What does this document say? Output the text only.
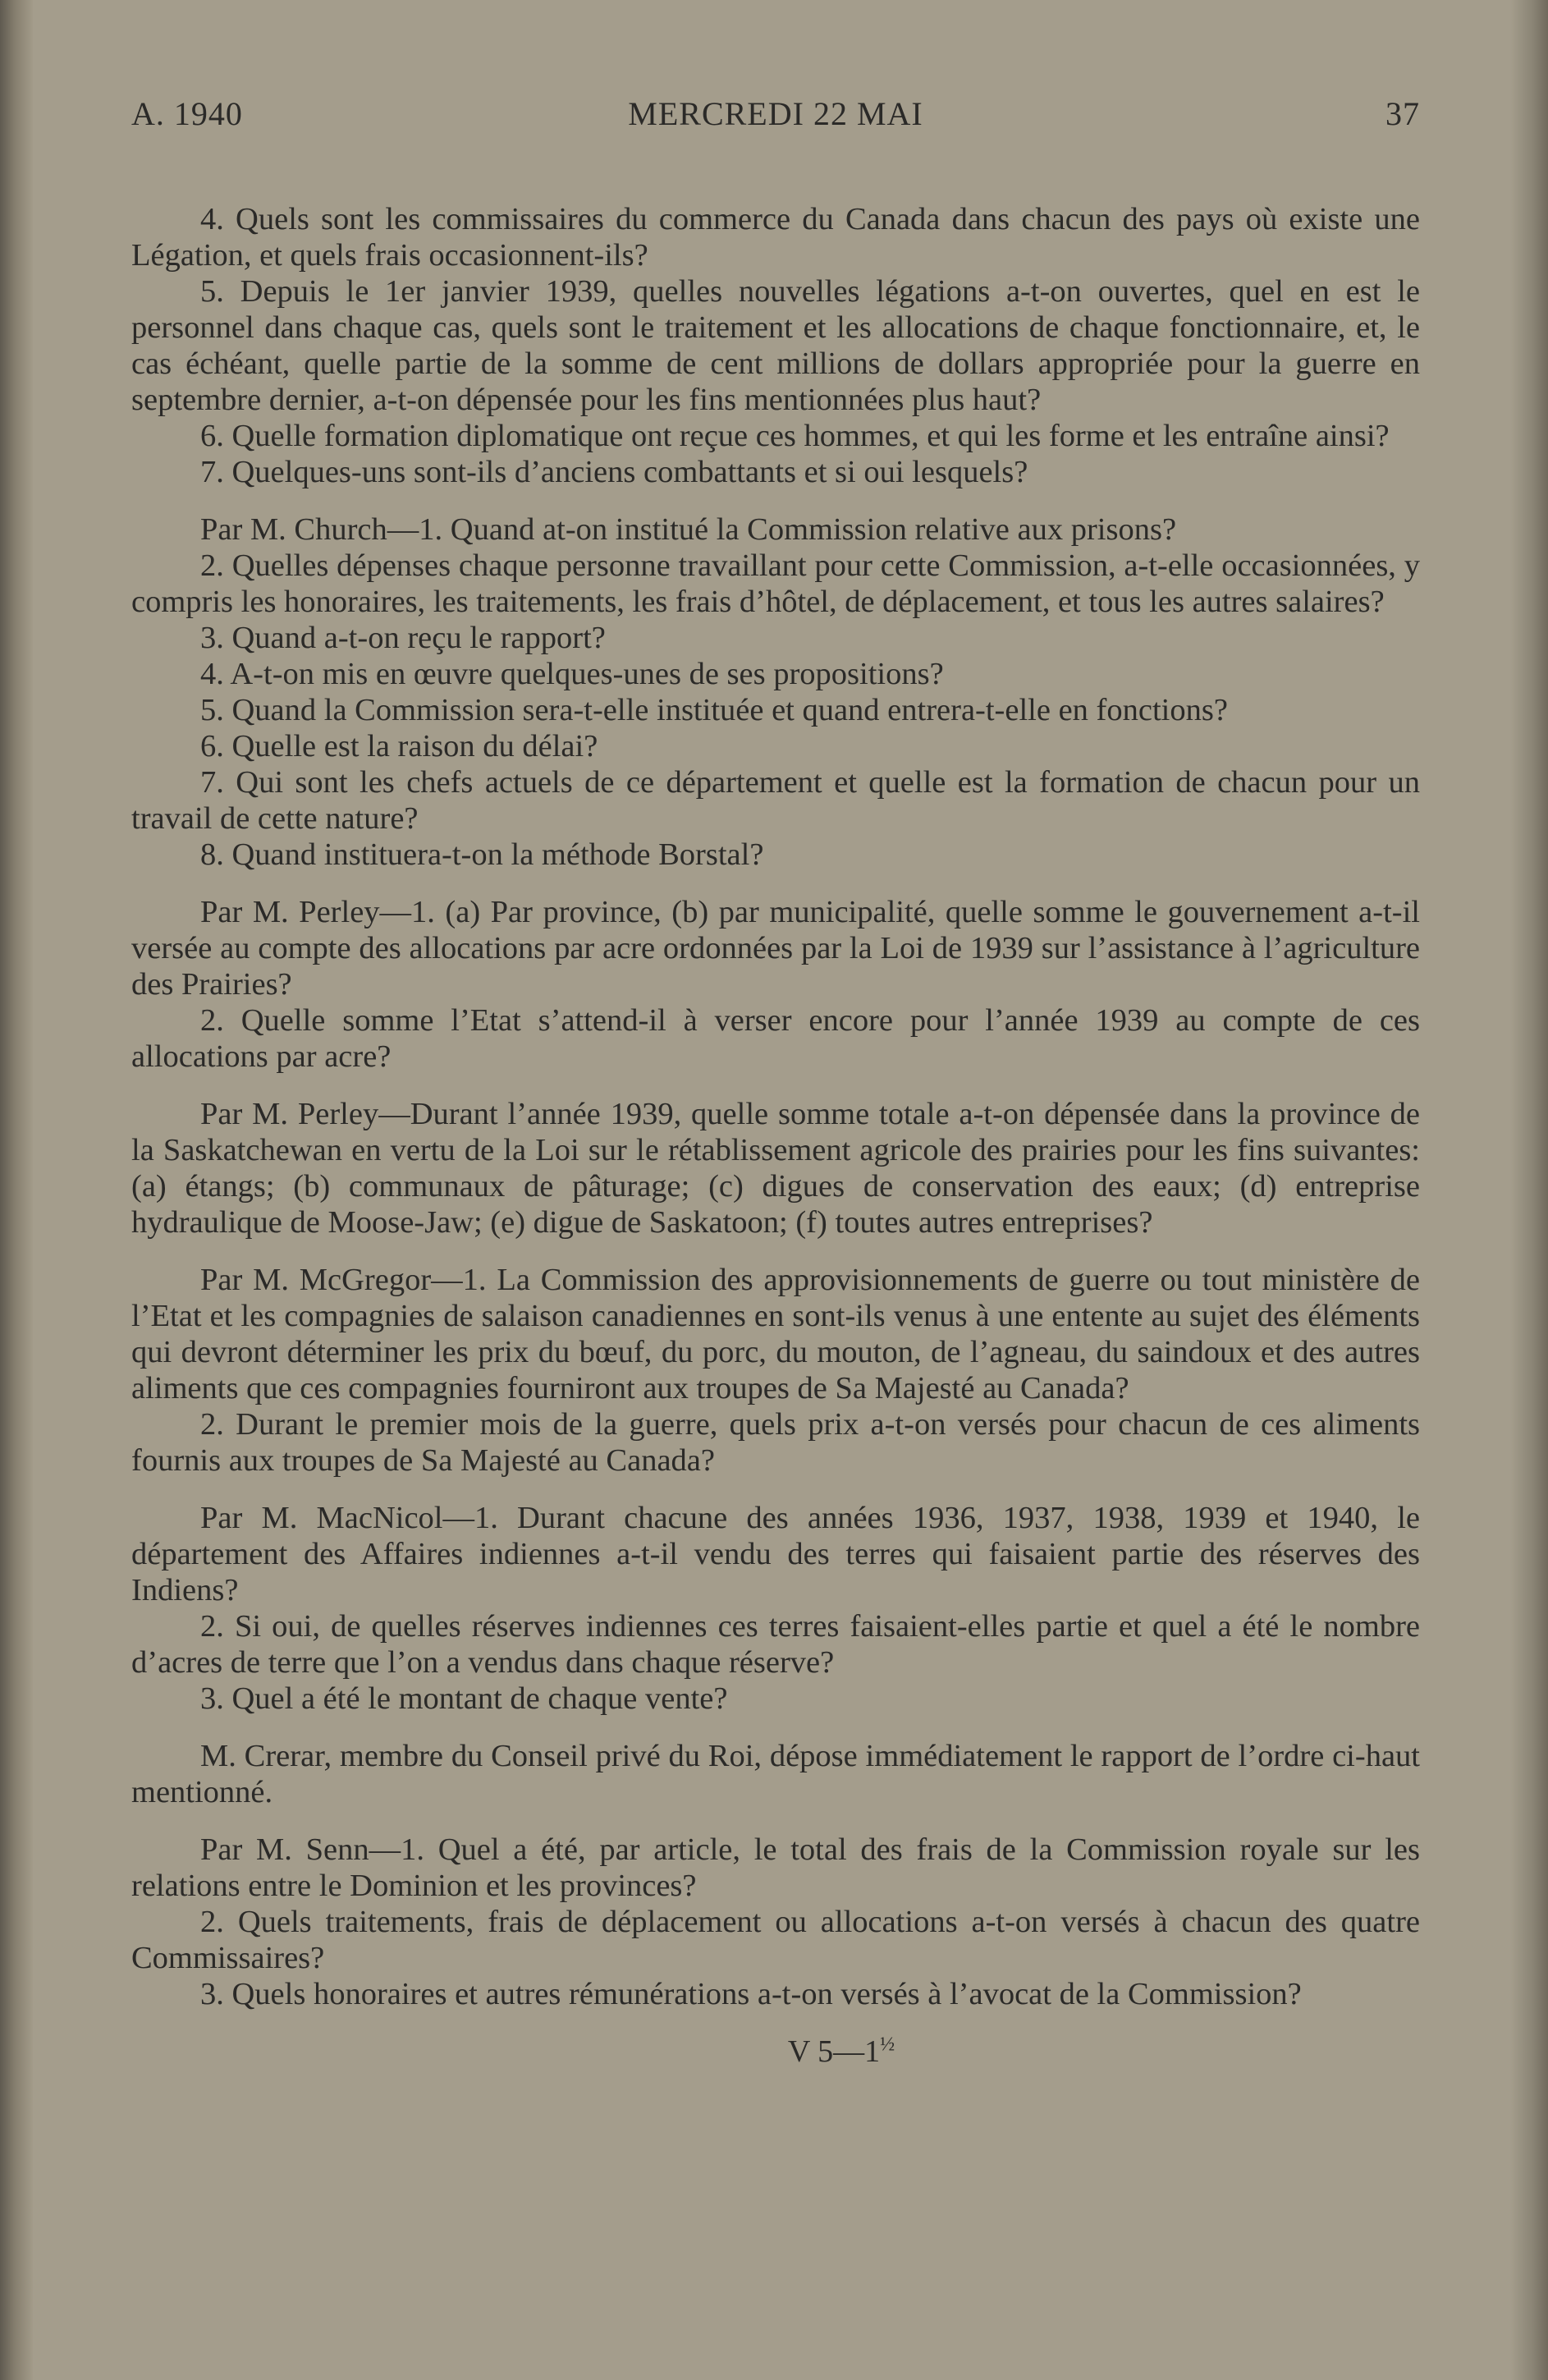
A. 1940	MERCREDI 22 MAI	37

4. Quels sont les commissaires du commerce du Canada dans chacun des pays où existe une Légation, et quels frais occasionnent-ils?

5. Depuis le 1er janvier 1939, quelles nouvelles légations a-t-on ouvertes, quel en est le personnel dans chaque cas, quels sont le traitement et les allocations de chaque fonctionnaire, et, le cas échéant, quelle partie de la somme de cent millions de dollars appropriée pour la guerre en septembre dernier, a-t-on dépensée pour les fins mentionnées plus haut?

6. Quelle formation diplomatique ont reçue ces hommes, et qui les forme et les entraîne ainsi?

7. Quelques-uns sont-ils d’anciens combattants et si oui lesquels?

Par M. Church—1. Quand at-on institué la Commission relative aux prisons?

2. Quelles dépenses chaque personne travaillant pour cette Commission, a-t-elle occasionnées, y compris les honoraires, les traitements, les frais d’hôtel, de déplacement, et tous les autres salaires?

3. Quand a-t-on reçu le rapport?

4. A-t-on mis en œuvre quelques-unes de ses propositions?

5. Quand la Commission sera-t-elle instituée et quand entrera-t-elle en fonctions?

6. Quelle est la raison du délai?

7. Qui sont les chefs actuels de ce département et quelle est la formation de chacun pour un travail de cette nature?

8. Quand instituera-t-on la méthode Borstal?

Par M. Perley—1. (a) Par province, (b) par municipalité, quelle somme le gouvernement a-t-il versée au compte des allocations par acre ordonnées par la Loi de 1939 sur l’assistance à l’agriculture des Prairies?

2. Quelle somme l’Etat s’attend-il à verser encore pour l’année 1939 au compte de ces allocations par acre?

Par M. Perley—Durant l’année 1939, quelle somme totale a-t-on dépensée dans la province de la Saskatchewan en vertu de la Loi sur le rétablissement agricole des prairies pour les fins suivantes: (a) étangs; (b) communaux de pâturage; (c) digues de conservation des eaux; (d) entreprise hydraulique de Moose-Jaw; (e) digue de Saskatoon; (f) toutes autres entreprises?

Par M. McGregor—1. La Commission des approvisionnements de guerre ou tout ministère de l’Etat et les compagnies de salaison canadiennes en sont-ils venus à une entente au sujet des éléments qui devront déterminer les prix du bœuf, du porc, du mouton, de l’agneau, du saindoux et des autres aliments que ces compagnies fourniront aux troupes de Sa Majesté au Canada?

2. Durant le premier mois de la guerre, quels prix a-t-on versés pour chacun de ces aliments fournis aux troupes de Sa Majesté au Canada?

Par M. MacNicol—1. Durant chacune des années 1936, 1937, 1938, 1939 et 1940, le département des Affaires indiennes a-t-il vendu des terres qui faisaient partie des réserves des Indiens?

2. Si oui, de quelles réserves indiennes ces terres faisaient-elles partie et quel a été le nombre d’acres de terre que l’on a vendus dans chaque réserve?

3. Quel a été le montant de chaque vente?

M. Crerar, membre du Conseil privé du Roi, dépose immédiatement le rapport de l’ordre ci-haut mentionné.

Par M. Senn—1. Quel a été, par article, le total des frais de la Commission royale sur les relations entre le Dominion et les provinces?

2. Quels traitements, frais de déplacement ou allocations a-t-on versés à chacun des quatre Commissaires?

3. Quels honoraires et autres rémunérations a-t-on versés à l’avocat de la Commission?

V $5—1^{\frac{1}{2}}$
